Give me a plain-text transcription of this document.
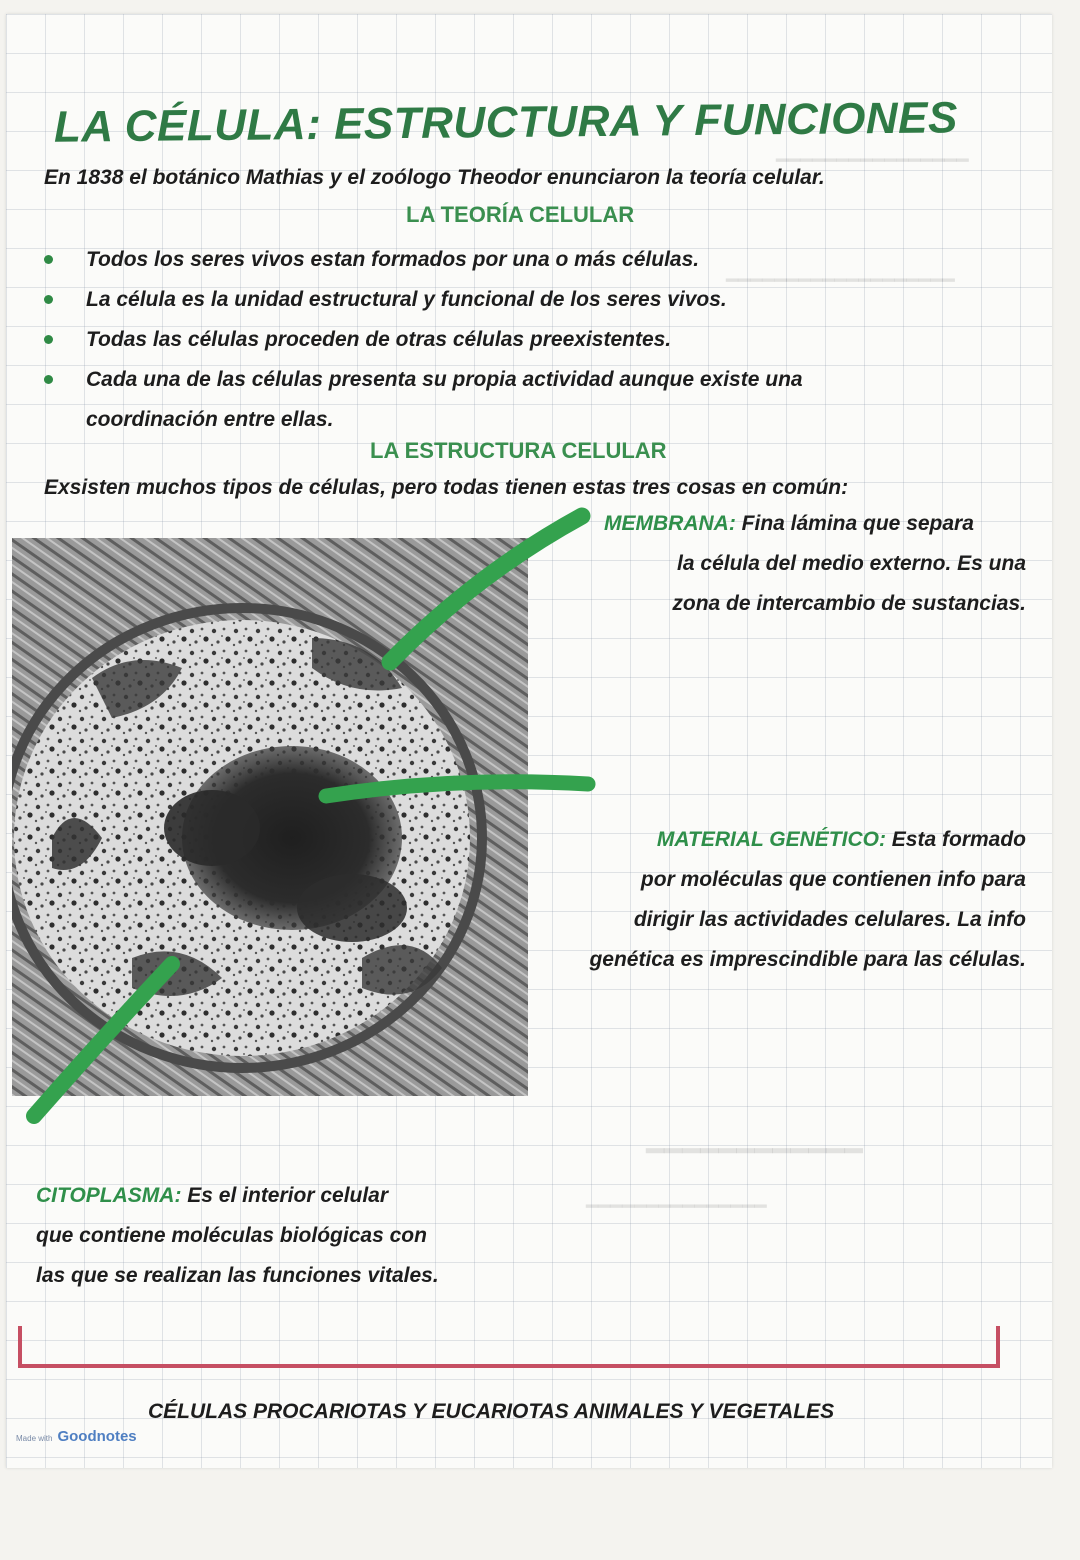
━━━━━━━━━━━━━━━━
━━━━━━━━━━━━━━━━━━━
━━━━━━━━━━━━
━━━━━━━━━━━━━━━
LA CÉLULA: ESTRUCTURA Y FUNCIONES
En 1838 el botánico Mathias y el zoólogo Theodor enunciaron la teoría celular.
LA TEORÍA CELULAR
Todos los seres vivos estan formados por una o más células.
La célula es la unidad estructural y funcional de los seres vivos.
Todas las células proceden de otras células preexistentes.
Cada una de las células presenta su propia actividad aunque existe una
coordinación entre ellas.
LA ESTRUCTURA CELULAR
Exsisten muchos tipos de células, pero todas tienen estas tres cosas en común:
MEMBRANA: Fina lámina que separa
la célula del medio externo. Es una
zona de intercambio de sustancias.
MATERIAL GENÉTICO: Esta formado
por moléculas que contienen info para
dirigir las actividades celulares. La info
genética es imprescindible para las células.
CITOPLASMA: Es el interior celular
que contiene moléculas biológicas con
las que se realizan las funciones vitales.
CÉLULAS PROCARIOTAS Y EUCARIOTAS ANIMALES Y VEGETALES
Made with Goodnotes
